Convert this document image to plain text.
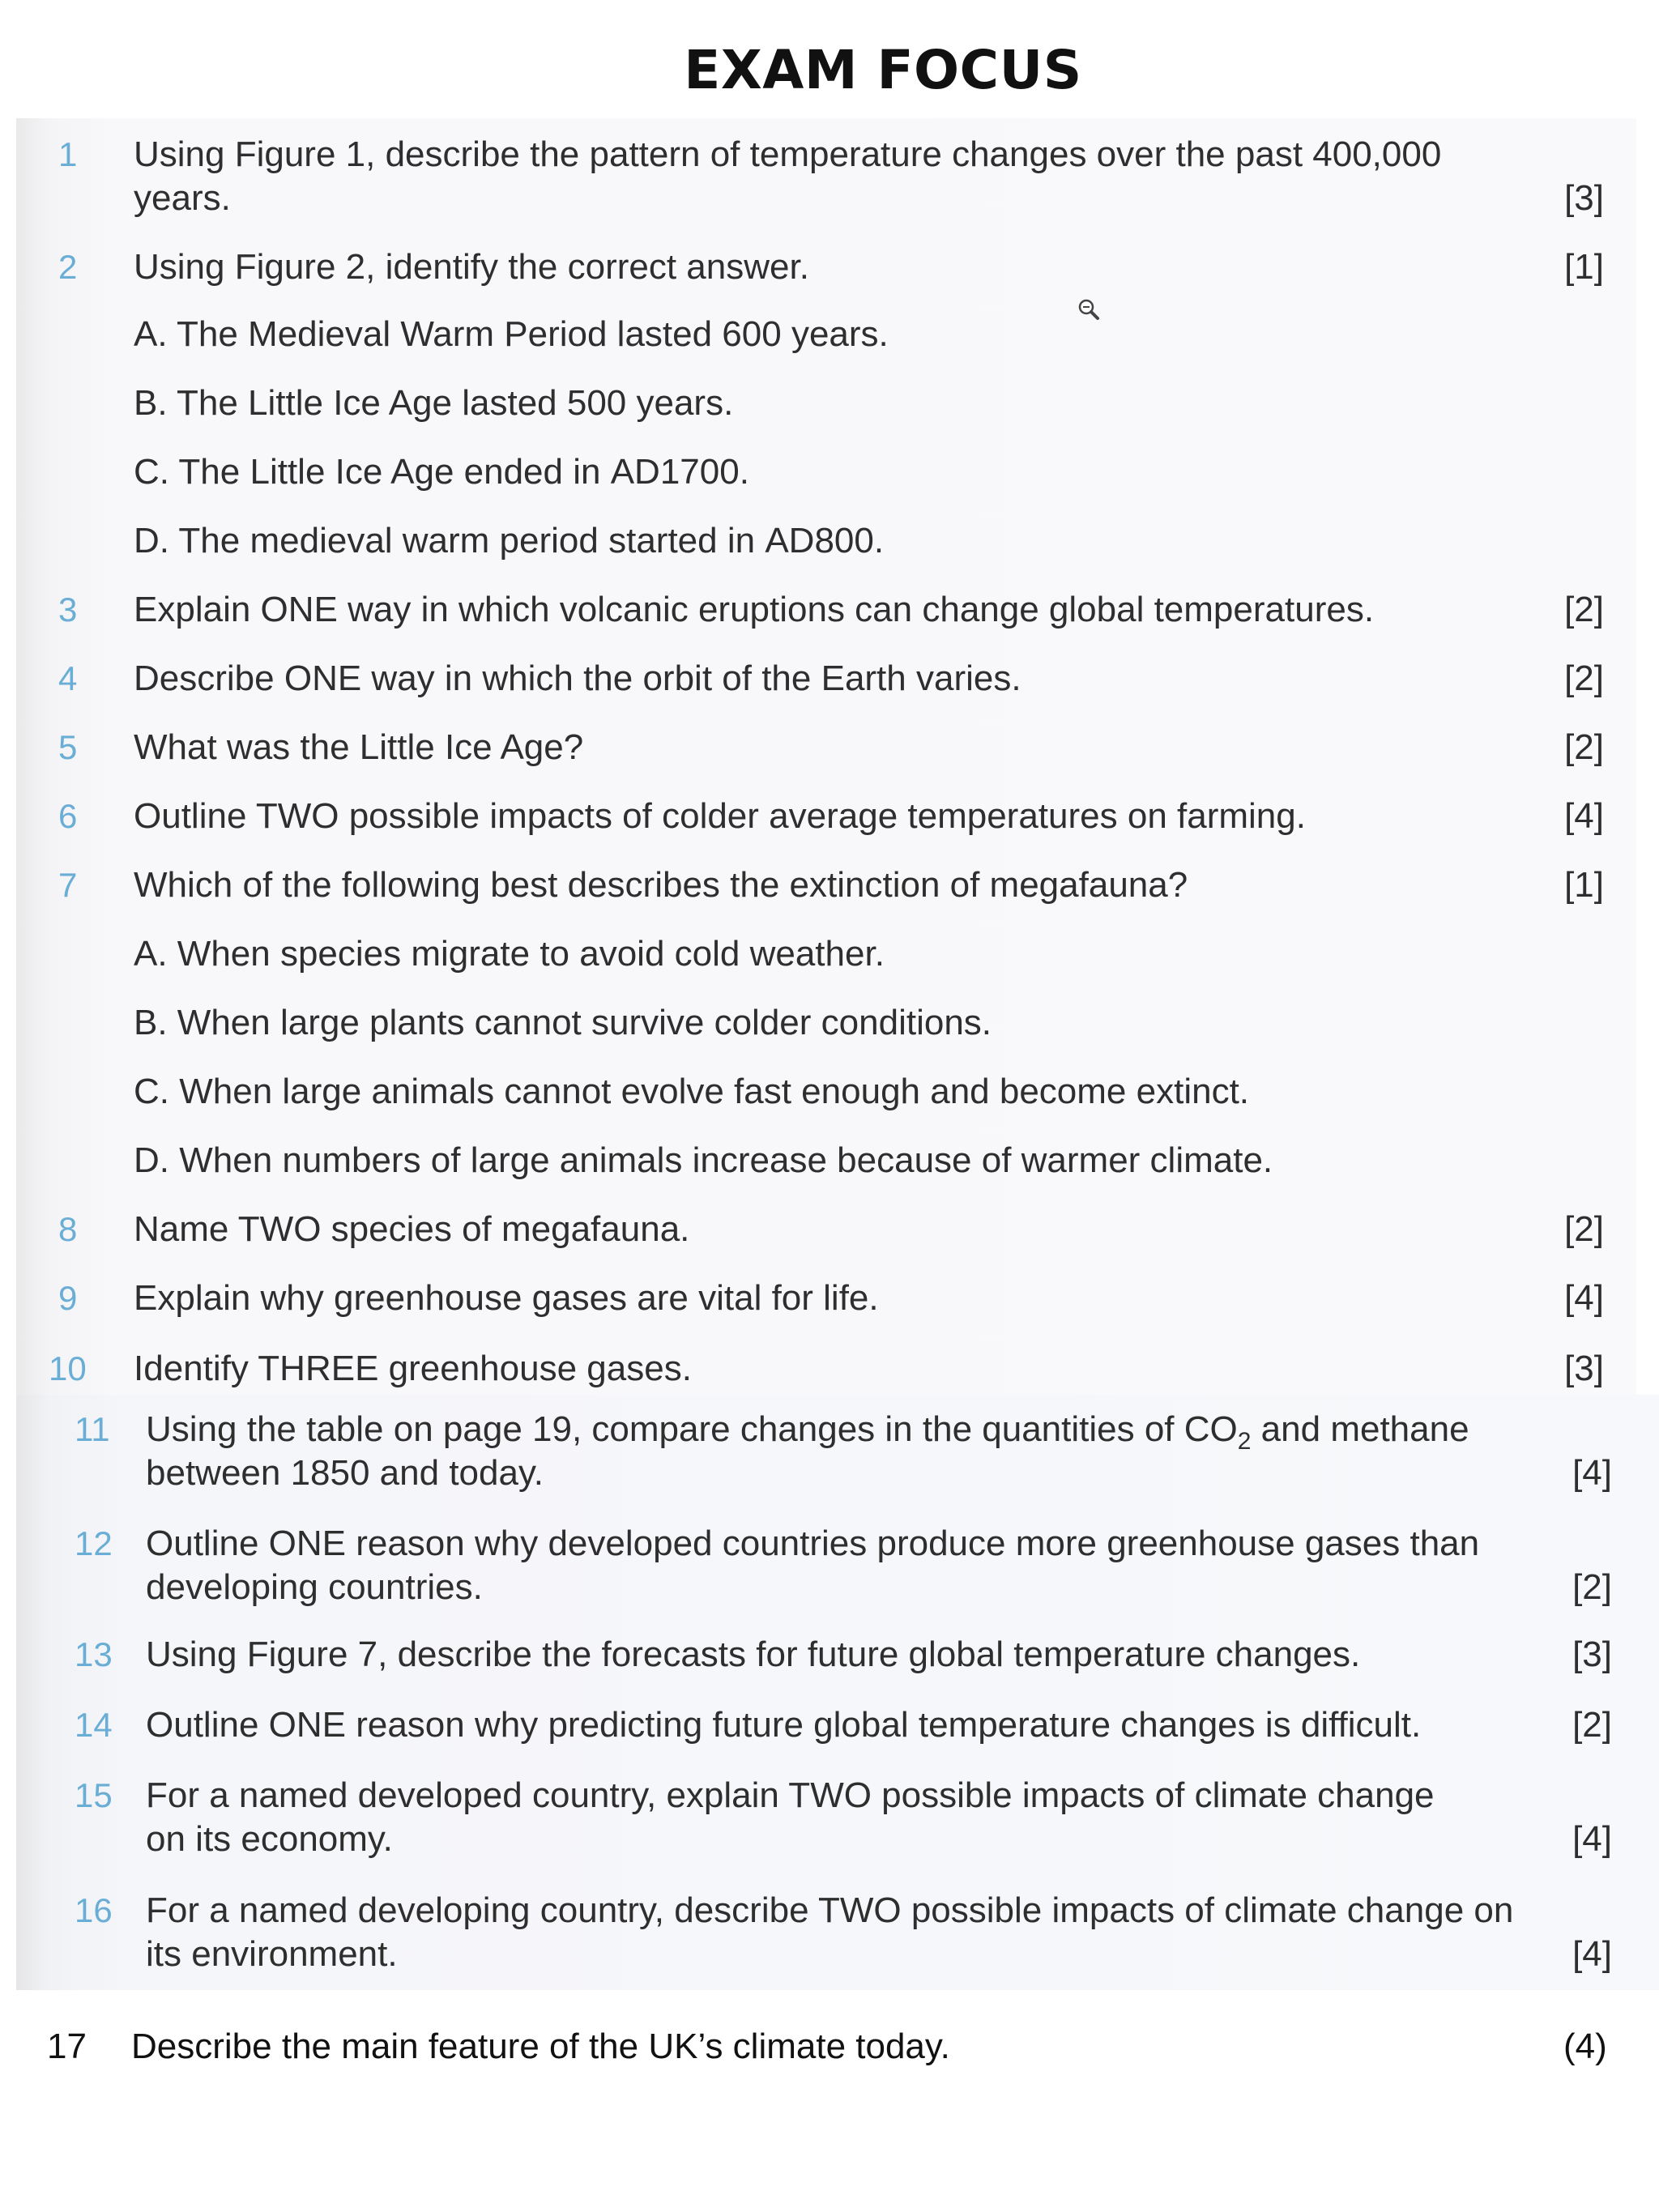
EXAM FOCUS
1 Using Figure 1, describe the pattern of temperature changes over the past 400,000
years.	[3]
2 Using Figure 2, identify the correct answer.	[1]
A. The Medieval Warm Period lasted 600 years.
B. The Little Ice Age lasted 500 years.
C. The Little Ice Age ended in AD1700.
D. The medieval warm period started in AD800.
3 Explain ONE way in which volcanic eruptions can change global temperatures.	[2]
4 Describe ONE way in which the orbit of the Earth varies.	[2]
5 What was the Little Ice Age?	[2]
6 Outline TWO possible impacts of colder average temperatures on farming.	[4]
7 Which of the following best describes the extinction of megafauna?	[1]
A. When species migrate to avoid cold weather.
B. When large plants cannot survive colder conditions.
C. When large animals cannot evolve fast enough and become extinct.
D. When numbers of large animals increase because of warmer climate.
8 Name TWO species of megafauna.	[2]
9 Explain why greenhouse gases are vital for life.	[4]
10 Identify THREE greenhouse gases.	[3]
11 Using the table on page 19, compare changes in the quantities of $CO_2$ and methane
between 1850 and today.	[4]
12 Outline ONE reason why developed countries produce more greenhouse gases than
developing countries.	[2]
13 Using Figure 7, describe the forecasts for future global temperature changes.	[3]
14 Outline ONE reason why predicting future global temperature changes is difficult.	[2]
15 For a named developed country, explain TWO possible impacts of climate change
on its economy.	[4]
16 For a named developing country, describe TWO possible impacts of climate change on
its environment.	[4]
17 Describe the main feature of the UK’s climate today.	(4)
